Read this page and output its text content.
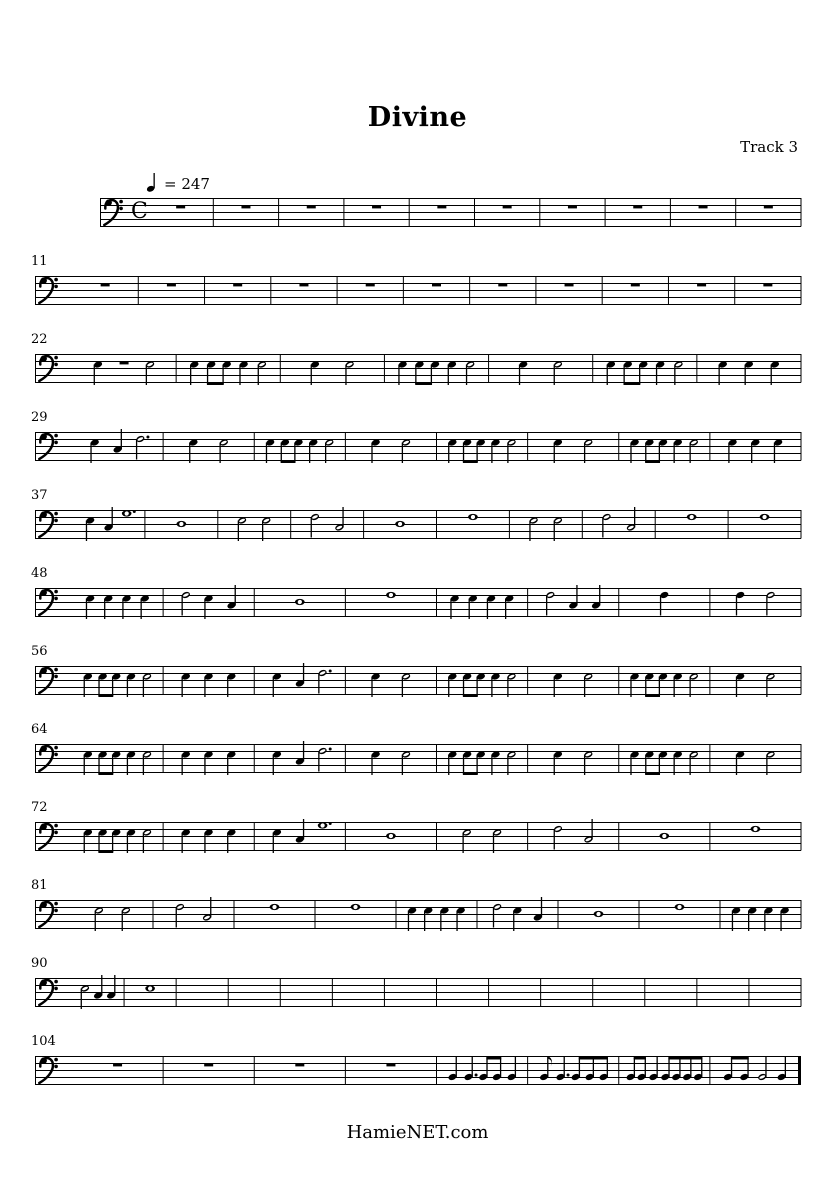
Divine
Track 3
= 247
C
11
22
29
37
48
56
64
72
81
90
104
HamieNET.com
